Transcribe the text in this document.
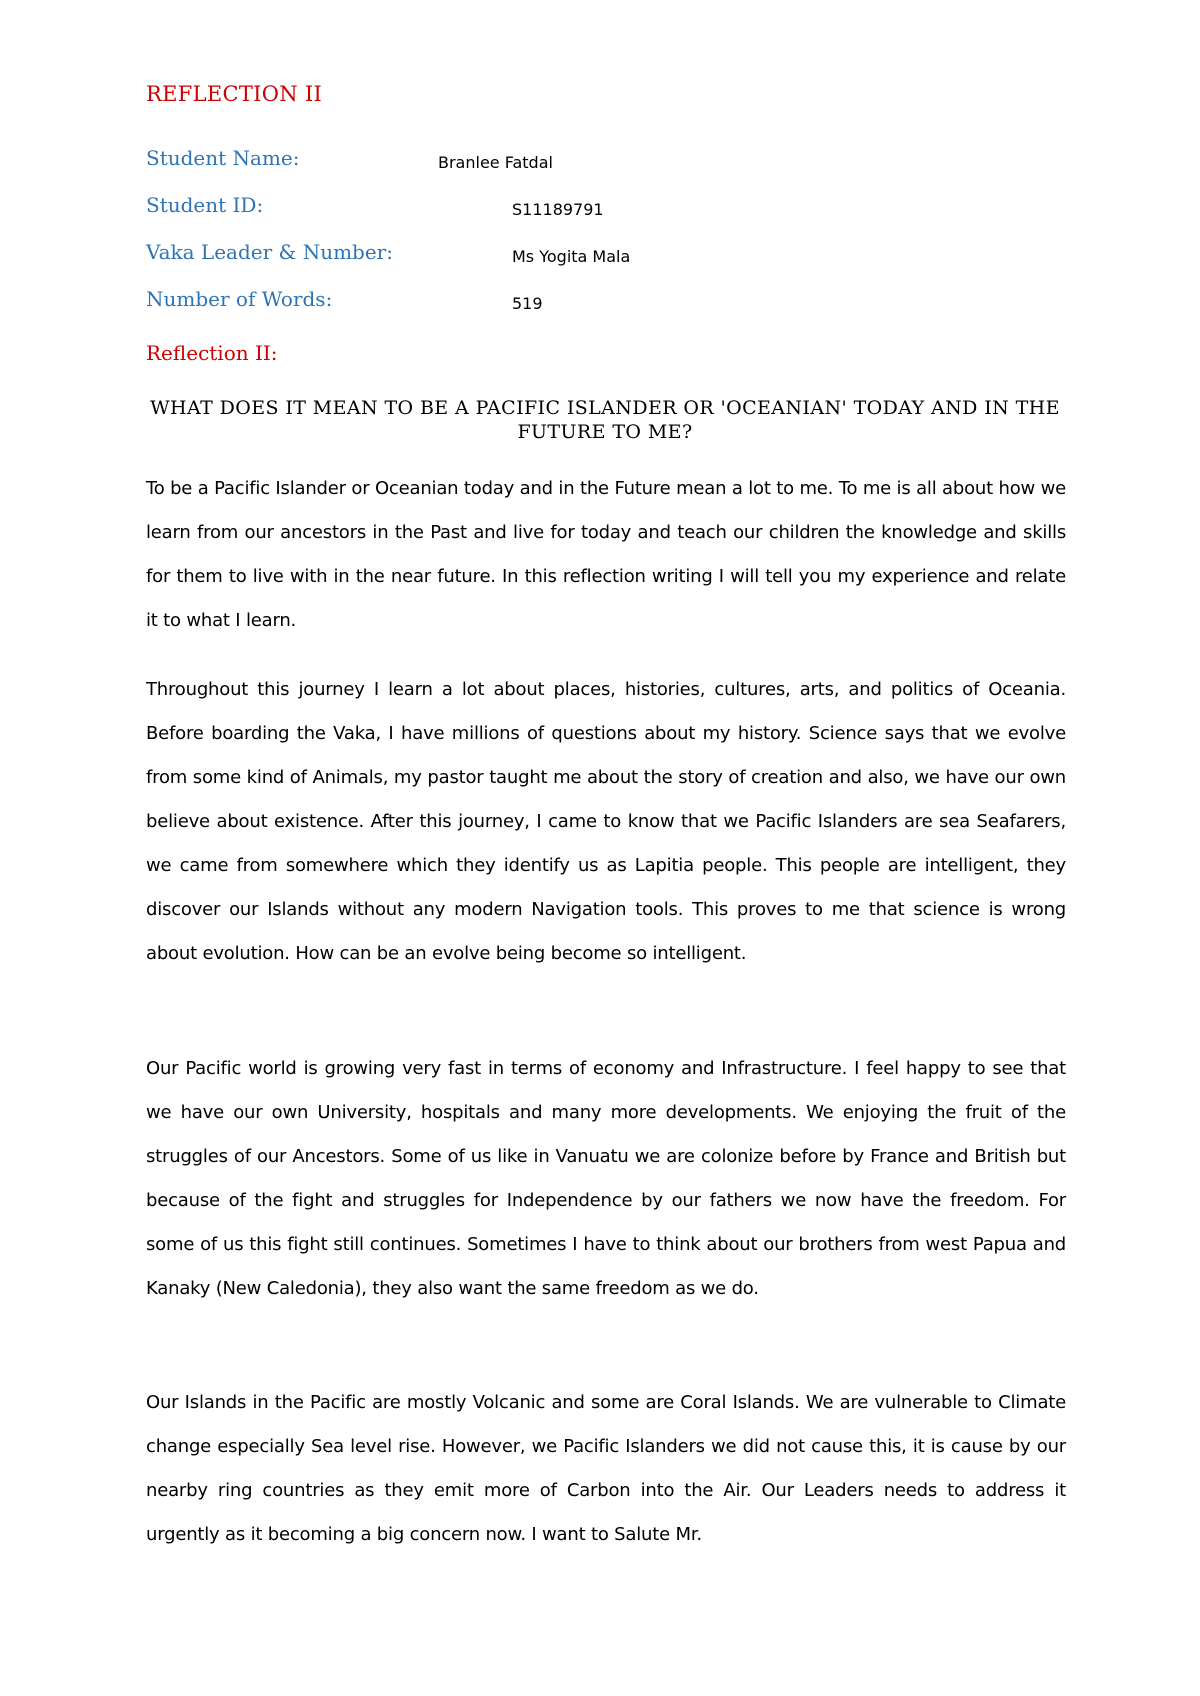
REFLECTION II
Student Name:	Branlee Fatdal
Student ID:	S11189791
Vaka Leader & Number:	Ms Yogita Mala
Number of Words:	519
Reflection II:
WHAT DOES IT MEAN TO BE A PACIFIC ISLANDER OR 'OCEANIAN' TODAY AND IN THE FUTURE TO ME?

To be a Pacific Islander or Oceanian today and in the Future mean a lot to me. To me is all about how we learn from our ancestors in the Past and live for today and teach our children the knowledge and skills for them to live with in the near future. In this reflection writing I will tell you my experience and relate it to what I learn.

Throughout this journey I learn a lot about places, histories, cultures, arts, and politics of Oceania. Before boarding the Vaka, I have millions of questions about my history. Science says that we evolve from some kind of Animals, my pastor taught me about the story of creation and also, we have our own believe about existence. After this journey, I came to know that we Pacific Islanders are sea Seafarers, we came from somewhere which they identify us as Lapitia people. This people are intelligent, they discover our Islands without any modern Navigation tools. This proves to me that science is wrong about evolution. How can be an evolve being become so intelligent.

Our Pacific world is growing very fast in terms of economy and Infrastructure. I feel happy to see that we have our own University, hospitals and many more developments. We enjoying the fruit of the struggles of our Ancestors. Some of us like in Vanuatu we are colonize before by France and British but because of the fight and struggles for Independence by our fathers we now have the freedom. For some of us this fight still continues. Sometimes I have to think about our brothers from west Papua and Kanaky (New Caledonia), they also want the same freedom as we do.

Our Islands in the Pacific are mostly Volcanic and some are Coral Islands. We are vulnerable to Climate change especially Sea level rise. However, we Pacific Islanders we did not cause this, it is cause by our nearby ring countries as they emit more of Carbon into the Air. Our Leaders needs to address it urgently as it becoming a big concern now. I want to Salute Mr.
